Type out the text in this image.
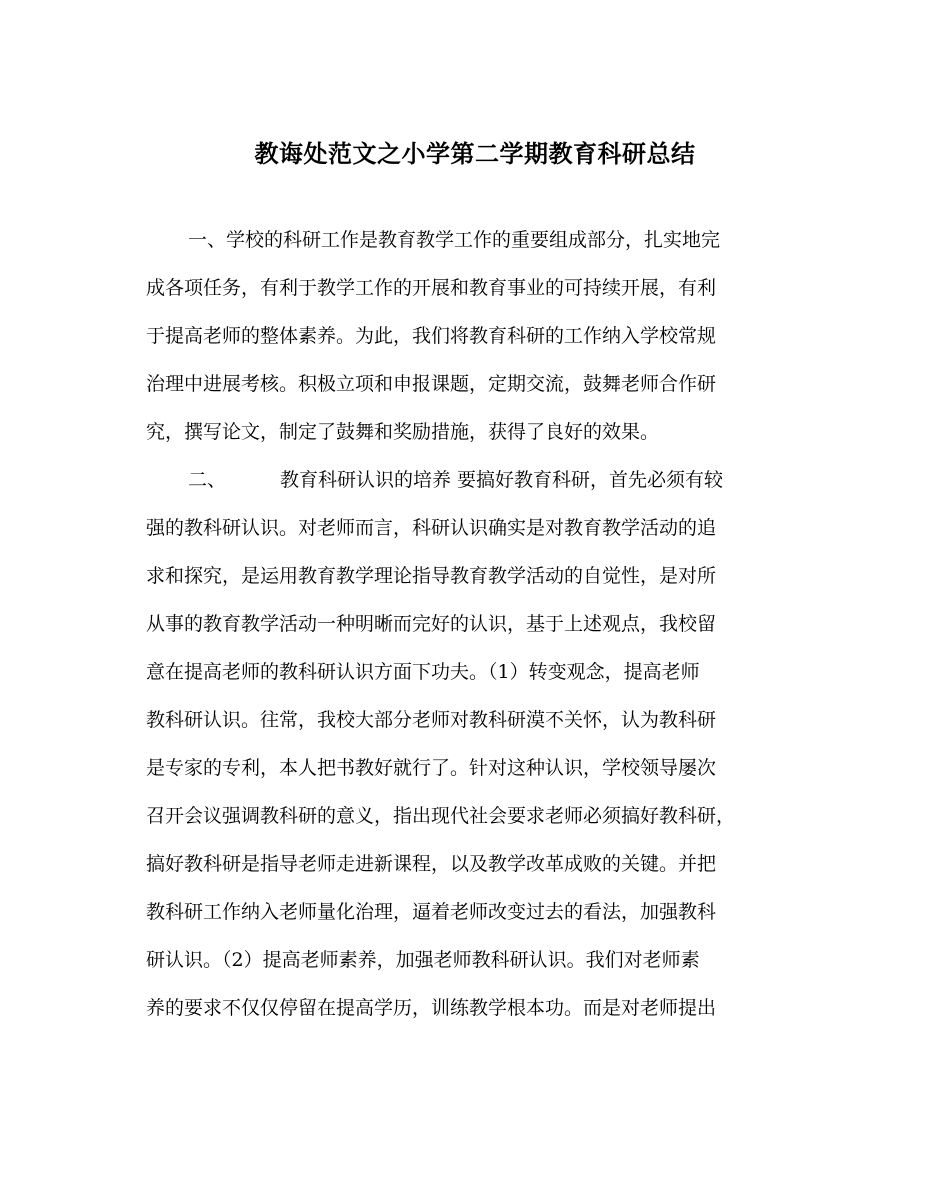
教诲处范文之小学第二学期教育科研总结
一、学校的科研工作是教育教学工作的重要组成部分，扎实地完
成各项任务，有利于教学工作的开展和教育事业的可持续开展，有利
于提高老师的整体素养。为此，我们将教育科研的工作纳入学校常规
治理中进展考核。积极立项和申报课题，定期交流，鼓舞老师合作研
究，撰写论文，制定了鼓舞和奖励措施，获得了良好的效果。
二、	教育科研认识的培养 要搞好教育科研，首先必须有较
强的教科研认识。对老师而言，科研认识确实是对教育教学活动的追
求和探究，是运用教育教学理论指导教育教学活动的自觉性，是对所
从事的教育教学活动一种明晰而完好的认识，基于上述观点，我校留
意在提高老师的教科研认识方面下功夫。（1）转变观念，提高老师
教科研认识。往常，我校大部分老师对教科研漠不关怀，认为教科研
是专家的专利，本人把书教好就行了。针对这种认识，学校领导屡次
召开会议强调教科研的意义，指出现代社会要求老师必须搞好教科研，
搞好教科研是指导老师走进新课程，以及教学改革成败的关键。并把
教科研工作纳入老师量化治理，逼着老师改变过去的看法，加强教科
研认识。（2）提高老师素养，加强老师教科研认识。我们对老师素
养的要求不仅仅停留在提高学历，训练教学根本功。而是对老师提出
